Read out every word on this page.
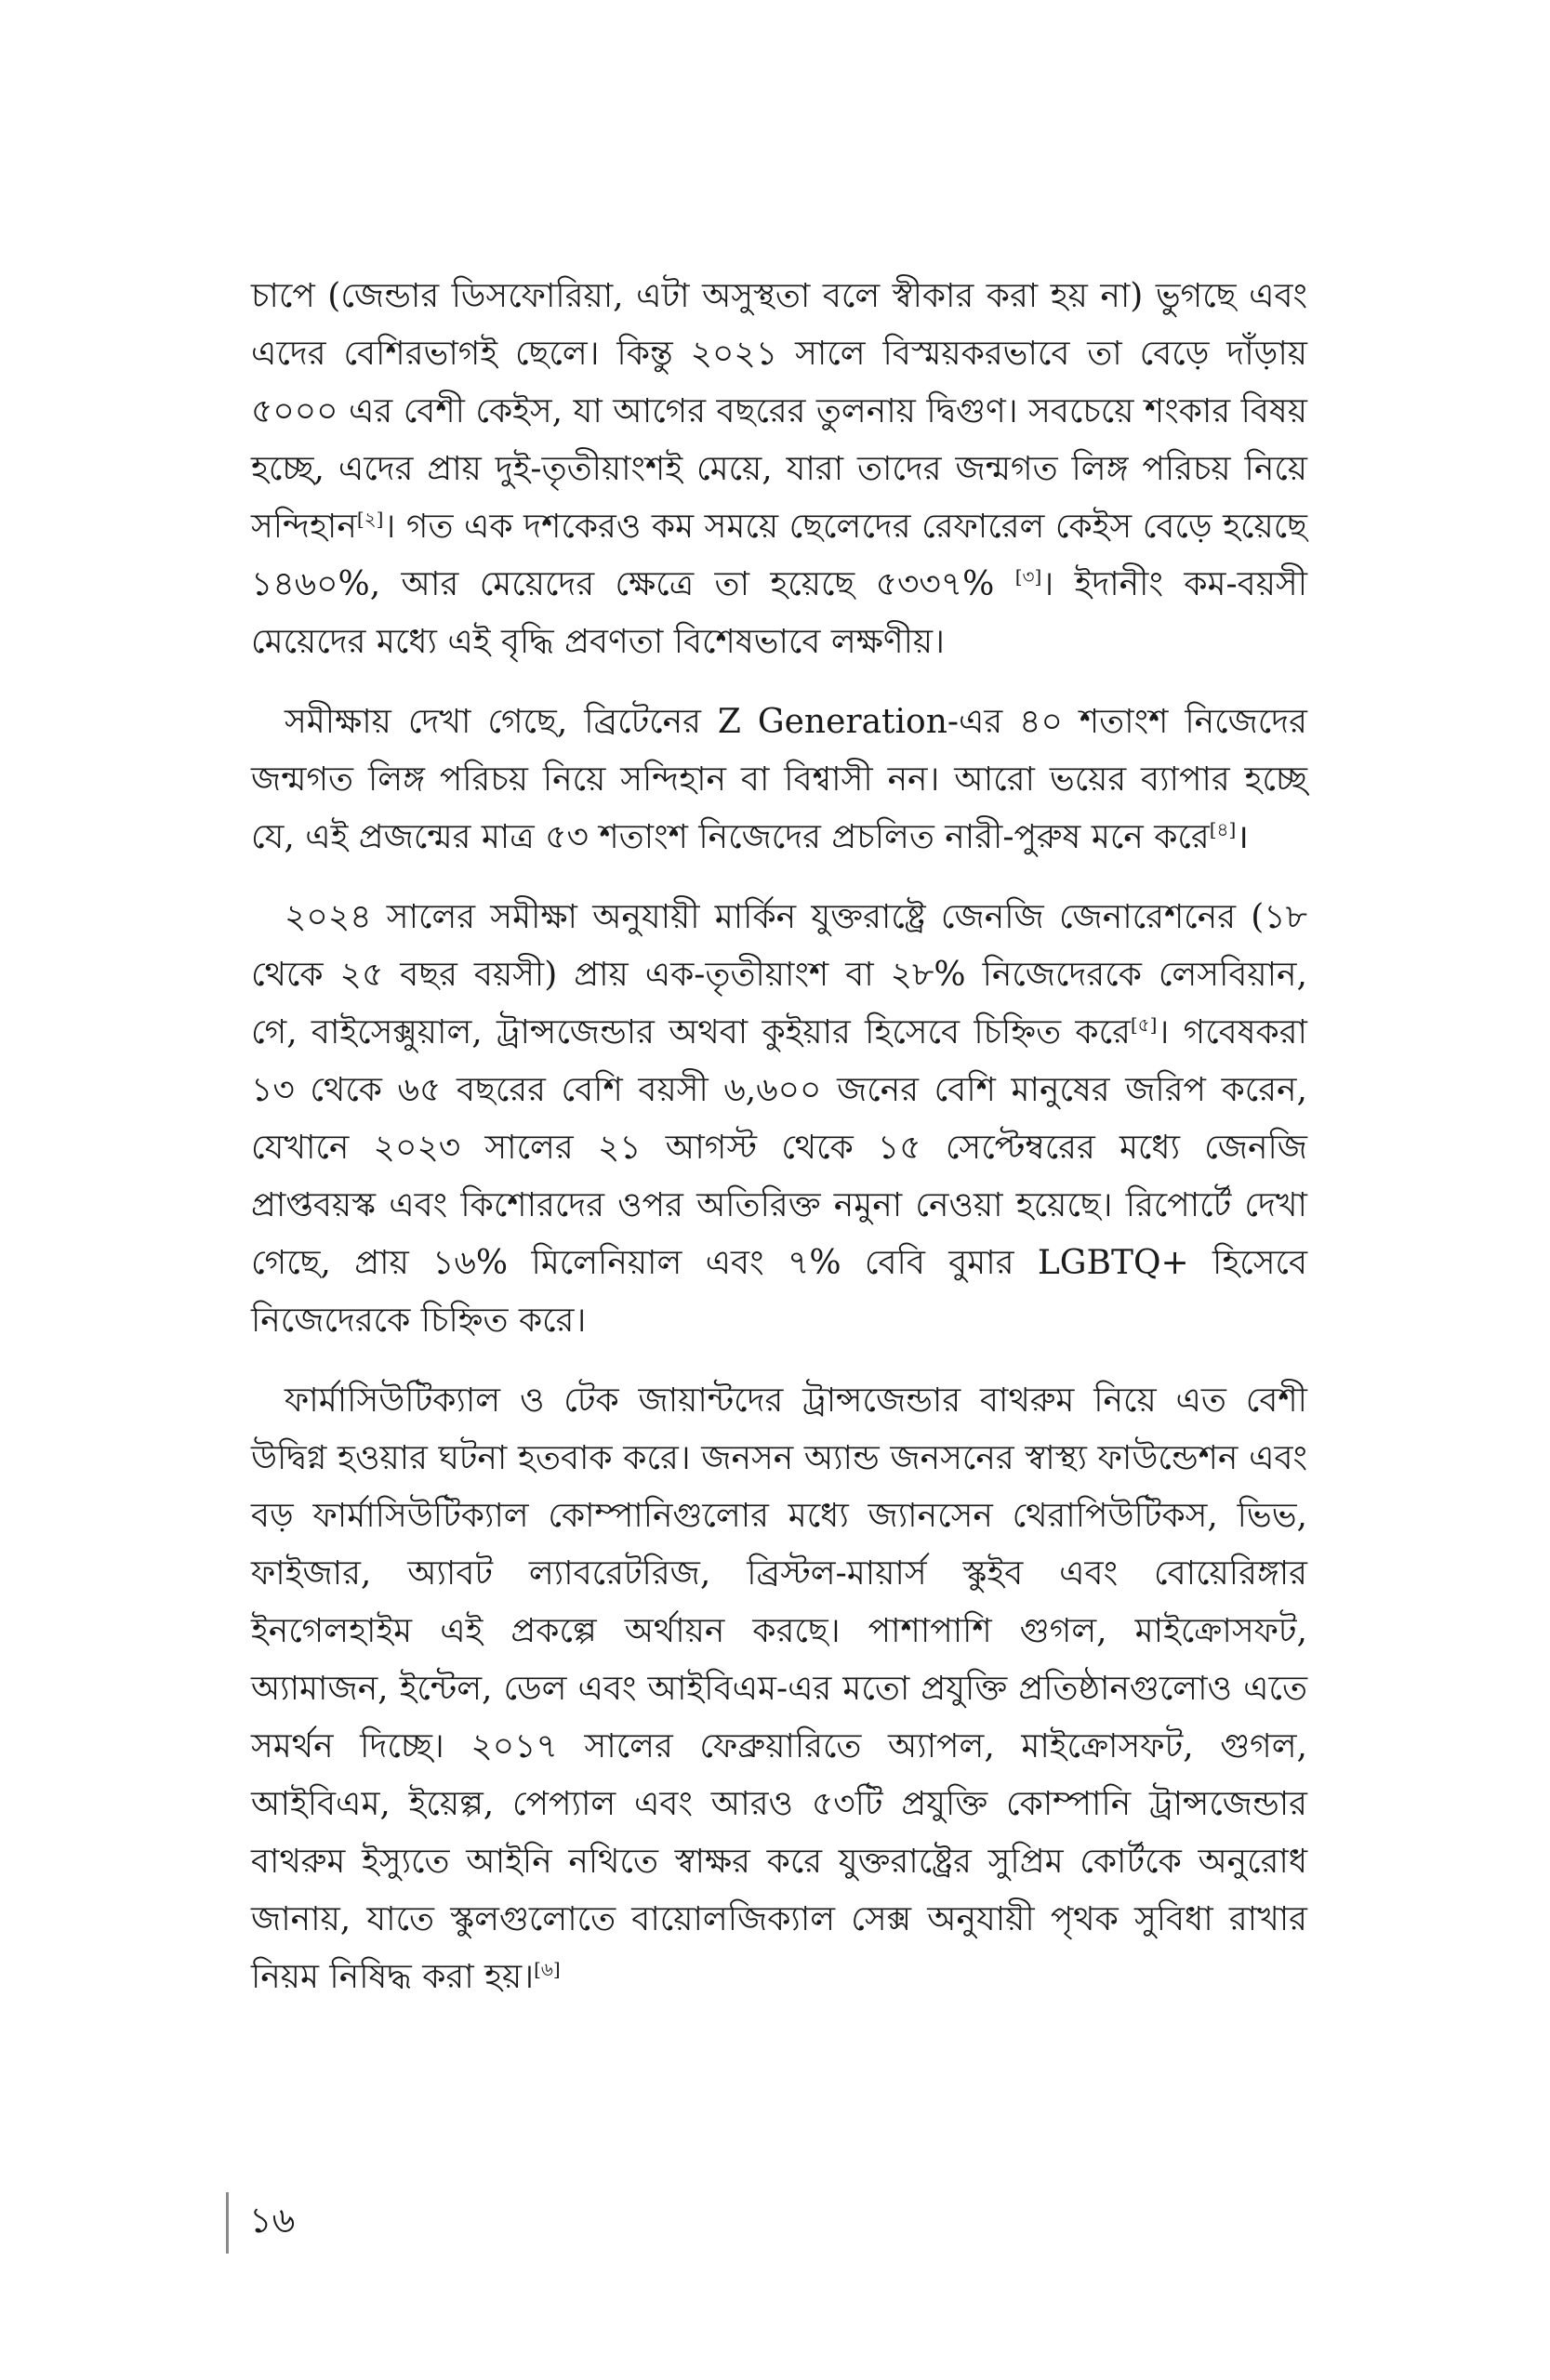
চাপে (জেন্ডার ডিসফোরিয়া, এটা অসুস্থতা বলে স্বীকার করা হয় না) ভুগছে এবং এদের বেশিরভাগই ছেলে। কিন্তু ২০২১ সালে বিস্ময়করভাবে তা বেড়ে দাঁড়ায় ৫০০০ এর বেশী কেইস, যা আগের বছরের তুলনায় দ্বিগুণ। সবচেয়ে শংকার বিষয় হচ্ছে, এদের প্রায় দুই-তৃতীয়াংশই মেয়ে, যারা তাদের জন্মগত লিঙ্গ পরিচয় নিয়ে সন্দিহান[২]। গত এক দশকেরও কম সময়ে ছেলেদের রেফারেল কেইস বেড়ে হয়েছে ১৪৬০%, আর মেয়েদের ক্ষেত্রে তা হয়েছে ৫৩৩৭% [৩]। ইদানীং কম-বয়সী মেয়েদের মধ্যে এই বৃদ্ধি প্রবণতা বিশেষভাবে লক্ষণীয়।

সমীক্ষায় দেখা গেছে, ব্রিটেনের Z Generation-এর ৪০ শতাংশ নিজেদের জন্মগত লিঙ্গ পরিচয় নিয়ে সন্দিহান বা বিশ্বাসী নন। আরো ভয়ের ব্যাপার হচ্ছে যে, এই প্রজন্মের মাত্র ৫৩ শতাংশ নিজেদের প্রচলিত নারী-পুরুষ মনে করে[৪]।

২০২৪ সালের সমীক্ষা অনুযায়ী মার্কিন যুক্তরাষ্ট্রে জেনজি জেনারেশনের (১৮ থেকে ২৫ বছর বয়সী) প্রায় এক-তৃতীয়াংশ বা ২৮% নিজেদেরকে লেসবিয়ান, গে, বাইসেক্সুয়াল, ট্রান্সজেন্ডার অথবা কুইয়ার হিসেবে চিহ্নিত করে[৫]। গবেষকরা ১৩ থেকে ৬৫ বছরের বেশি বয়সী ৬,৬০০ জনের বেশি মানুষের জরিপ করেন, যেখানে ২০২৩ সালের ২১ আগস্ট থেকে ১৫ সেপ্টেম্বরের মধ্যে জেনজি প্রাপ্তবয়স্ক এবং কিশোরদের ওপর অতিরিক্ত নমুনা নেওয়া হয়েছে। রিপোর্টে দেখা গেছে, প্রায় ১৬% মিলেনিয়াল এবং ৭% বেবি বুমার LGBTQ+ হিসেবে নিজেদেরকে চিহ্নিত করে।

ফার্মাসিউটিক্যাল ও টেক জায়ান্টদের ট্রান্সজেন্ডার বাথরুম নিয়ে এত বেশী উদ্বিগ্ন হওয়ার ঘটনা হতবাক করে। জনসন অ্যান্ড জনসনের স্বাস্থ্য ফাউন্ডেশন এবং বড় ফার্মাসিউটিক্যাল কোম্পানিগুলোর মধ্যে জ্যানসেন থেরাপিউটিকস, ভিভ, ফাইজার, অ্যাবট ল্যাবরেটরিজ, ব্রিস্টল-মায়ার্স স্কুইব এবং বোয়েরিঙ্গার ইনগেলহাইম এই প্রকল্পে অর্থায়ন করছে। পাশাপাশি গুগল, মাইক্রোসফট, অ্যামাজন, ইন্টেল, ডেল এবং আইবিএম-এর মতো প্রযুক্তি প্রতিষ্ঠানগুলোও এতে সমর্থন দিচ্ছে। ২০১৭ সালের ফেব্রুয়ারিতে অ্যাপল, মাইক্রোসফট, গুগল, আইবিএম, ইয়েল্প, পেপ্যাল এবং আরও ৫৩টি প্রযুক্তি কোম্পানি ট্রান্সজেন্ডার বাথরুম ইস্যুতে আইনি নথিতে স্বাক্ষর করে যুক্তরাষ্ট্রের সুপ্রিম কোর্টকে অনুরোধ জানায়, যাতে স্কুলগুলোতে বায়োলজিক্যাল সেক্স অনুযায়ী পৃথক সুবিধা রাখার নিয়ম নিষিদ্ধ করা হয়।[৬]

১৬
